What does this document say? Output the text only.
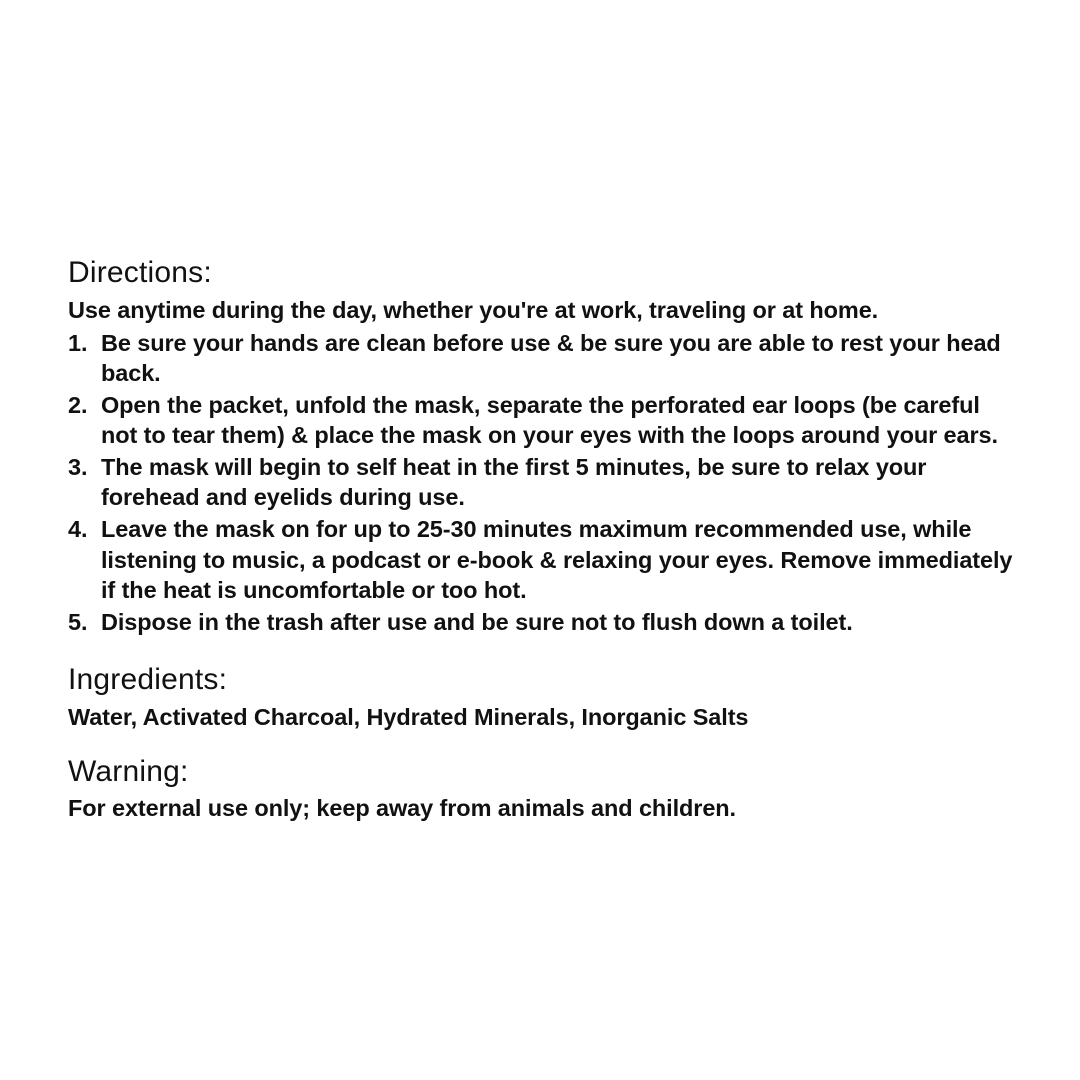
Directions:

Use anytime during the day, whether you're at work, traveling or at home.

1. Be sure your hands are clean before use & be sure you are able to rest your head back.
2. Open the packet, unfold the mask, separate the perforated ear loops (be careful not to tear them) & place the mask on your eyes with the loops around your ears.
3. The mask will begin to self heat in the first 5 minutes, be sure to relax your forehead and eyelids during use.
4. Leave the mask on for up to 25-30 minutes maximum recommended use, while listening to music, a podcast or e-book & relaxing your eyes. Remove immediately if the heat is uncomfortable or too hot.
5. Dispose in the trash after use and be sure not to flush down a toilet.
Ingredients:

Water, Activated Charcoal, Hydrated Minerals, Inorganic Salts

Warning:

For external use only; keep away from animals and children.
